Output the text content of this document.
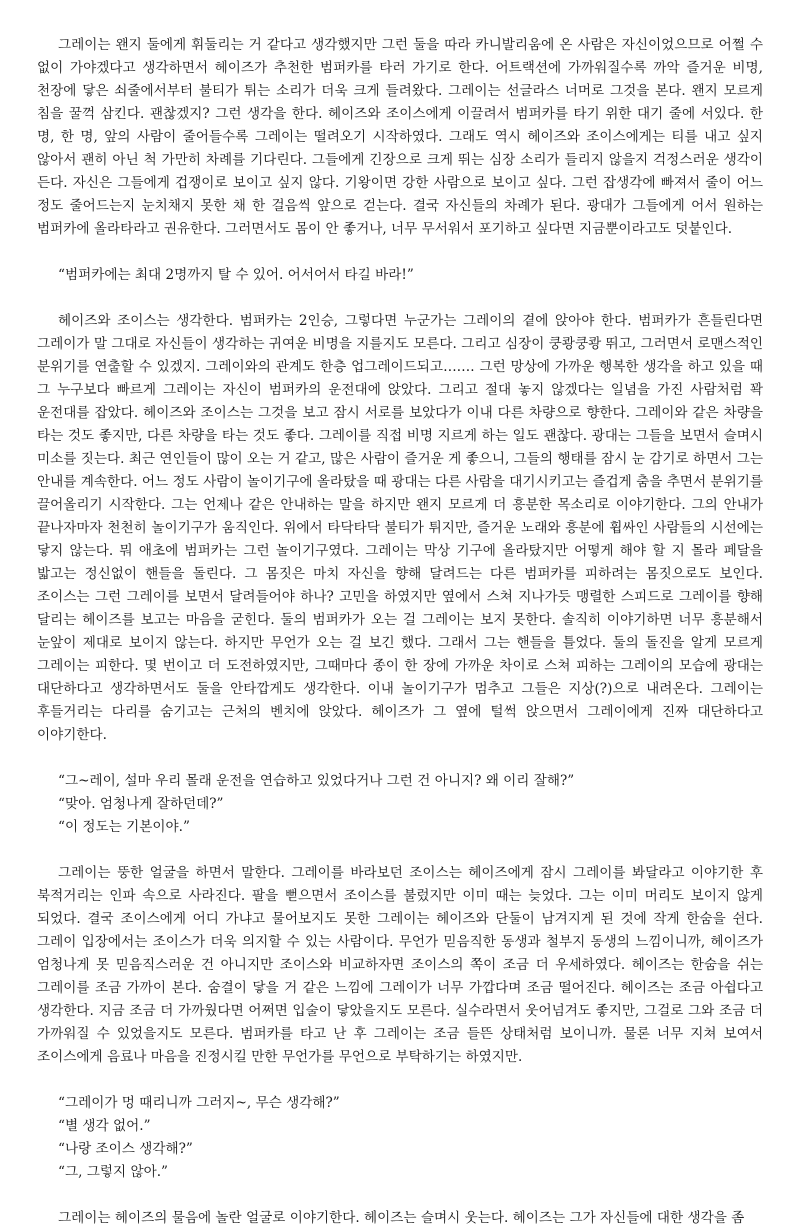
그레이는 왠지 둘에게 휘둘리는 거 같다고 생각했지만 그런 둘을 따라 카니발리움에 온 사람은 자신이었으므로 어쩔 수 없이 가야겠다고 생각하면서 헤이즈가 추천한 범퍼카를 타러 가기로 한다. 어트랙션에 가까워질수록 까악 즐거운 비명, 천장에 닿은 쇠줄에서부터 불티가 튀는 소리가 더욱 크게 들려왔다. 그레이는 선글라스 너머로 그것을 본다. 왠지 모르게 침을 꿀꺽 삼킨다. 괜찮겠지? 그런 생각을 한다. 헤이즈와 조이스에게 이끌려서 범퍼카를 타기 위한 대기 줄에 서있다. 한 명, 한 명, 앞의 사람이 줄어들수록 그레이는 떨려오기 시작하였다. 그래도 역시 헤이즈와 조이스에게는 티를 내고 싶지 않아서 괜히 아닌 척 가만히 차례를 기다린다. 그들에게 긴장으로 크게 뛰는 심장 소리가 들리지 않을지 걱정스러운 생각이 든다. 자신은 그들에게 겁쟁이로 보이고 싶지 않다. 기왕이면 강한 사람으로 보이고 싶다. 그런 잡생각에 빠져서 줄이 어느 정도 줄어드는지 눈치채지 못한 채 한 걸음씩 앞으로 걷는다. 결국 자신들의 차례가 된다. 광대가 그들에게 어서 원하는 범퍼카에 올라타라고 권유한다. 그러면서도 몸이 안 좋거나, 너무 무서워서 포기하고 싶다면 지금뿐이라고도 덧붙인다.

“범퍼카에는 최대 2명까지 탈 수 있어. 어서어서 타길 바라!”

헤이즈와 조이스는 생각한다. 범퍼카는 2인승, 그렇다면 누군가는 그레이의 곁에 앉아야 한다. 범퍼카가 흔들린다면 그레이가 말 그대로 자신들이 생각하는 귀여운 비명을 지를지도 모른다. 그리고 심장이 쿵쾅쿵쾅 뛰고, 그러면서 로맨스적인 분위기를 연출할 수 있겠지. 그레이와의 관계도 한층 업그레이드되고……. 그런 망상에 가까운 행복한 생각을 하고 있을 때 그 누구보다 빠르게 그레이는 자신이 범퍼카의 운전대에 앉았다. 그리고 절대 놓지 않겠다는 일념을 가진 사람처럼 꽉 운전대를 잡았다. 헤이즈와 조이스는 그것을 보고 잠시 서로를 보았다가 이내 다른 차량으로 향한다. 그레이와 같은 차량을 타는 것도 좋지만, 다른 차량을 타는 것도 좋다. 그레이를 직접 비명 지르게 하는 일도 괜찮다. 광대는 그들을 보면서 슬며시 미소를 짓는다. 최근 연인들이 많이 오는 거 같고, 많은 사람이 즐거운 게 좋으니, 그들의 행태를 잠시 눈 감기로 하면서 그는 안내를 계속한다. 어느 정도 사람이 놀이기구에 올라탔을 때 광대는 다른 사람을 대기시키고는 즐겁게 춤을 추면서 분위기를 끌어올리기 시작한다. 그는 언제나 같은 안내하는 말을 하지만 왠지 모르게 더 흥분한 목소리로 이야기한다. 그의 안내가 끝나자마자 천천히 놀이기구가 움직인다. 위에서 타닥타닥 불티가 튀지만, 즐거운 노래와 흥분에 휩싸인 사람들의 시선에는 닿지 않는다. 뭐 애초에 범퍼카는 그런 놀이기구였다. 그레이는 막상 기구에 올라탔지만 어떻게 해야 할 지 몰라 페달을 밟고는 정신없이 핸들을 돌린다. 그 몸짓은 마치 자신을 향해 달려드는 다른 범퍼카를 피하려는 몸짓으로도 보인다. 조이스는 그런 그레이를 보면서 달려들어야 하나? 고민을 하였지만 옆에서 스쳐 지나가듯 맹렬한 스피드로 그레이를 향해 달리는 헤이즈를 보고는 마음을 굳힌다. 둘의 범퍼카가 오는 걸 그레이는 보지 못한다. 솔직히 이야기하면 너무 흥분해서 눈앞이 제대로 보이지 않는다. 하지만 무언가 오는 걸 보긴 했다. 그래서 그는 핸들을 틀었다. 둘의 돌진을 알게 모르게 그레이는 피한다. 몇 번이고 더 도전하였지만, 그때마다 종이 한 장에 가까운 차이로 스쳐 피하는 그레이의 모습에 광대는 대단하다고 생각하면서도 둘을 안타깝게도 생각한다. 이내 놀이기구가 멈추고 그들은 지상(?)으로 내려온다. 그레이는 후들거리는 다리를 숨기고는 근처의 벤치에 앉았다. 헤이즈가 그 옆에 털썩 앉으면서 그레이에게 진짜 대단하다고 이야기한다.

“그~레이, 설마 우리 몰래 운전을 연습하고 있었다거나 그런 건 아니지? 왜 이리 잘해?”

“맞아. 엄청나게 잘하던데?”

“이 정도는 기본이야.”

그레이는 뚱한 얼굴을 하면서 말한다. 그레이를 바라보던 조이스는 헤이즈에게 잠시 그레이를 봐달라고 이야기한 후 북적거리는 인파 속으로 사라진다. 팔을 뻗으면서 조이스를 불렀지만 이미 때는 늦었다. 그는 이미 머리도 보이지 않게 되었다. 결국 조이스에게 어디 가냐고 물어보지도 못한 그레이는 헤이즈와 단둘이 남겨지게 된 것에 작게 한숨을 쉰다. 그레이 입장에서는 조이스가 더욱 의지할 수 있는 사람이다. 무언가 믿음직한 동생과 철부지 동생의 느낌이니까, 헤이즈가 엄청나게 못 믿음직스러운 건 아니지만 조이스와 비교하자면 조이스의 쪽이 조금 더 우세하였다. 헤이즈는 한숨을 쉬는 그레이를 조금 가까이 본다. 숨결이 닿을 거 같은 느낌에 그레이가 너무 가깝다며 조금 떨어진다. 헤이즈는 조금 아쉽다고 생각한다. 지금 조금 더 가까웠다면 어쩌면 입술이 닿았을지도 모른다. 실수라면서 웃어넘겨도 좋지만, 그걸로 그와 조금 더 가까워질 수 있었을지도 모른다. 범퍼카를 타고 난 후 그레이는 조금 들뜬 상태처럼 보이니까. 물론 너무 지쳐 보여서 조이스에게 음료나 마음을 진정시킬 만한 무언가를 무언으로 부탁하기는 하였지만.

“그레이가 멍 때리니까 그러지~, 무슨 생각해?”

“별 생각 없어.”

“나랑 조이스 생각해?”

“그, 그렇지 않아.”

그레이는 헤이즈의 물음에 놀란 얼굴로 이야기한다. 헤이즈는 슬며시 웃는다. 헤이즈는 그가 자신들에 대한 생각을 좀
